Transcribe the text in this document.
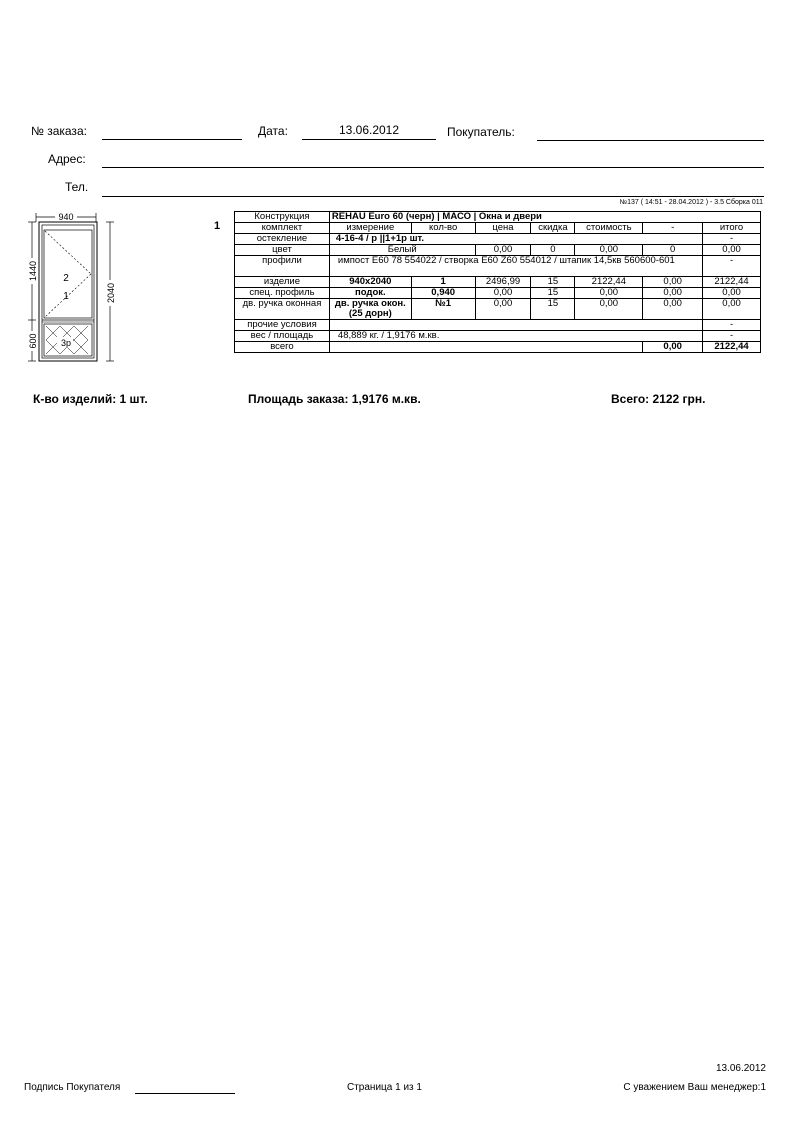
№ заказа:	Дата:	13.06.2012	Покупатель:
Адрес:
Тел.
№137 ( 14:51 - 28.04.2012 ) - 3.5 Сборка 011
940
2040
1440
600	3р
2
1
1
Конструкция	REHAU Euro 60 (черн) | МАСО | Окна и двери						
комплект	измерение	кол-во	цена	скидка	стоимость	-	итого
остекление	4-16-4 / р ||1+1р шт.						-
цвет	Белый		0,00	0	0,00	0	0,00
профили	импост E60 78 554022 / створка E60 Z60 554012 / штапик 14,5кв 560600-601						-
изделие	940x2040	1	2496,99	15	2122,44	0,00	2122,44
спец. профиль	подок.	0,940	0,00	15	0,00	0,00	0,00
дв. ручка оконная	дв. ручка окон.(25 дорн)	№1	0,00	15	0,00	0,00	0,00
прочие условия							-
вес / площадь	48,889 кг. / 1,9176 м.кв.						-
всего						0,00	2122,44
К-во изделий: 1 шт.	Площадь заказа: 1,9176 м.кв.	Всего: 2122 грн.
13.06.2012
Подпись Покупателя	Страница 1 из 1	С уважением Ваш менеджер:1
